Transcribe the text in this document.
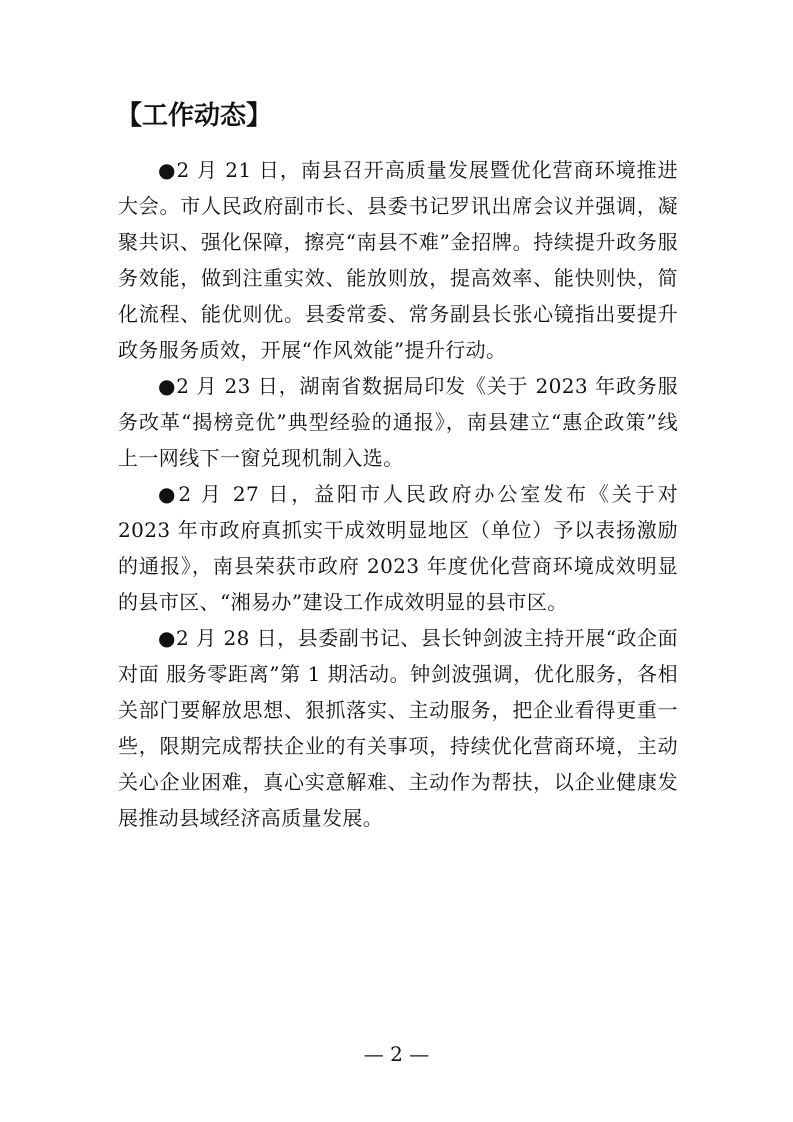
【工作动态】

●2 月 21 日，南县召开高质量发展暨优化营商环境推进大会。市人民政府副市长、县委书记罗讯出席会议并强调，凝聚共识、强化保障，擦亮“南县不难”金招牌。持续提升政务服务效能，做到注重实效、能放则放，提高效率、能快则快，简化流程、能优则优。县委常委、常务副县长张心镜指出要提升政务服务质效，开展“作风效能”提升行动。

●2 月 23 日，湖南省数据局印发《关于 2023 年政务服务改革“揭榜竞优”典型经验的通报》，南县建立“惠企政策”线上一网线下一窗兑现机制入选。

●2 月 27 日，益阳市人民政府办公室发布《关于对 2023 年市政府真抓实干成效明显地区（单位）予以表扬激励的通报》，南县荣获市政府 2023 年度优化营商环境成效明显的县市区、“湘易办”建设工作成效明显的县市区。

●2 月 28 日，县委副书记、县长钟剑波主持开展“政企面对面 服务零距离”第 1 期活动。钟剑波强调，优化服务，各相关部门要解放思想、狠抓落实、主动服务，把企业看得更重一些，限期完成帮扶企业的有关事项，持续优化营商环境，主动关心企业困难，真心实意解难、主动作为帮扶，以企业健康发展推动县域经济高质量发展。

— 2 —
